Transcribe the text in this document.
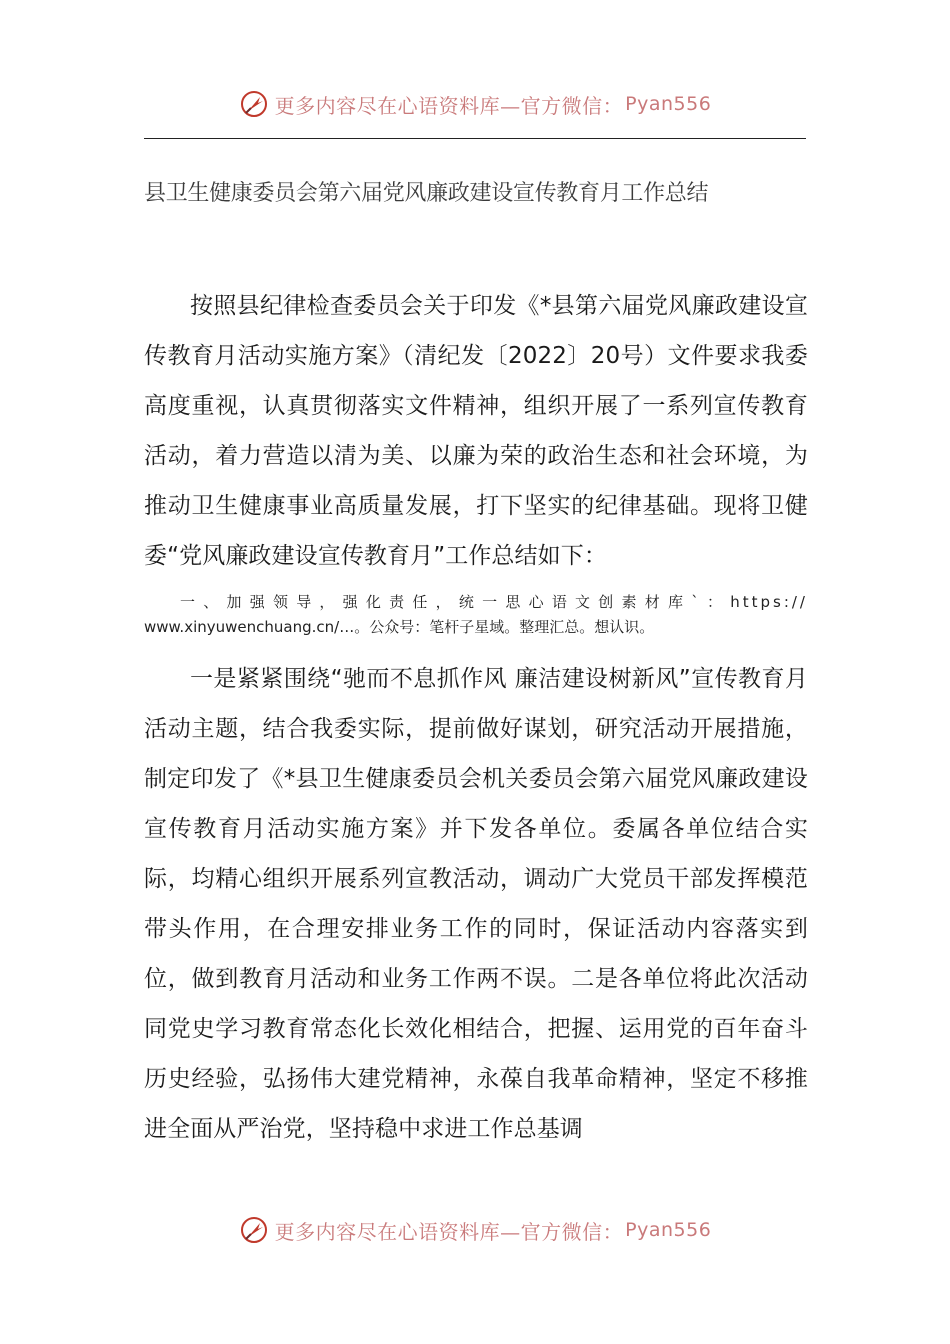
更多内容尽在心语资料库—官方微信： Pyan556
县卫生健康委员会第六届党风廉政建设宣传教育月工作总结

按照县纪律检查委员会关于印发《*县第六届党风廉政建设宣传教育月活动实施方案》（清纪发〔2022〕20号）文件要求我委高度重视，认真贯彻落实文件精神，组织开展了一系列宣传教育活动，着力营造以清为美、以廉为荣的政治生态和社会环境，为推动卫生健康事业高质量发展，打下坚实的纪律基础。现将卫健委“党风廉政建设宣传教育月”工作总结如下：

一、加强领导，强化责任，统一思心语文创素材库`：https://
www.xinyuwenchuang.cn/…。公众号：笔杆子星域。整理汇总。想认识。

一是紧紧围绕“驰而不息抓作风 廉洁建设树新风”宣传教育月活动主题，结合我委实际，提前做好谋划，研究活动开展措施，制定印发了《*县卫生健康委员会机关委员会第六届党风廉政建设宣传教育月活动实施方案》并下发各单位。委属各单位结合实际，均精心组织开展系列宣教活动，调动广大党员干部发挥模范带头作用，在合理安排业务工作的同时，保证活动内容落实到位，做到教育月活动和业务工作两不误。二是各单位将此次活动同党史学习教育常态化长效化相结合，把握、运用党的百年奋斗历史经验，弘扬伟大建党精神，永葆自我革命精神，坚定不移推进全面从严治党，坚持稳中求进工作总基调

更多内容尽在心语资料库—官方微信： Pyan556
